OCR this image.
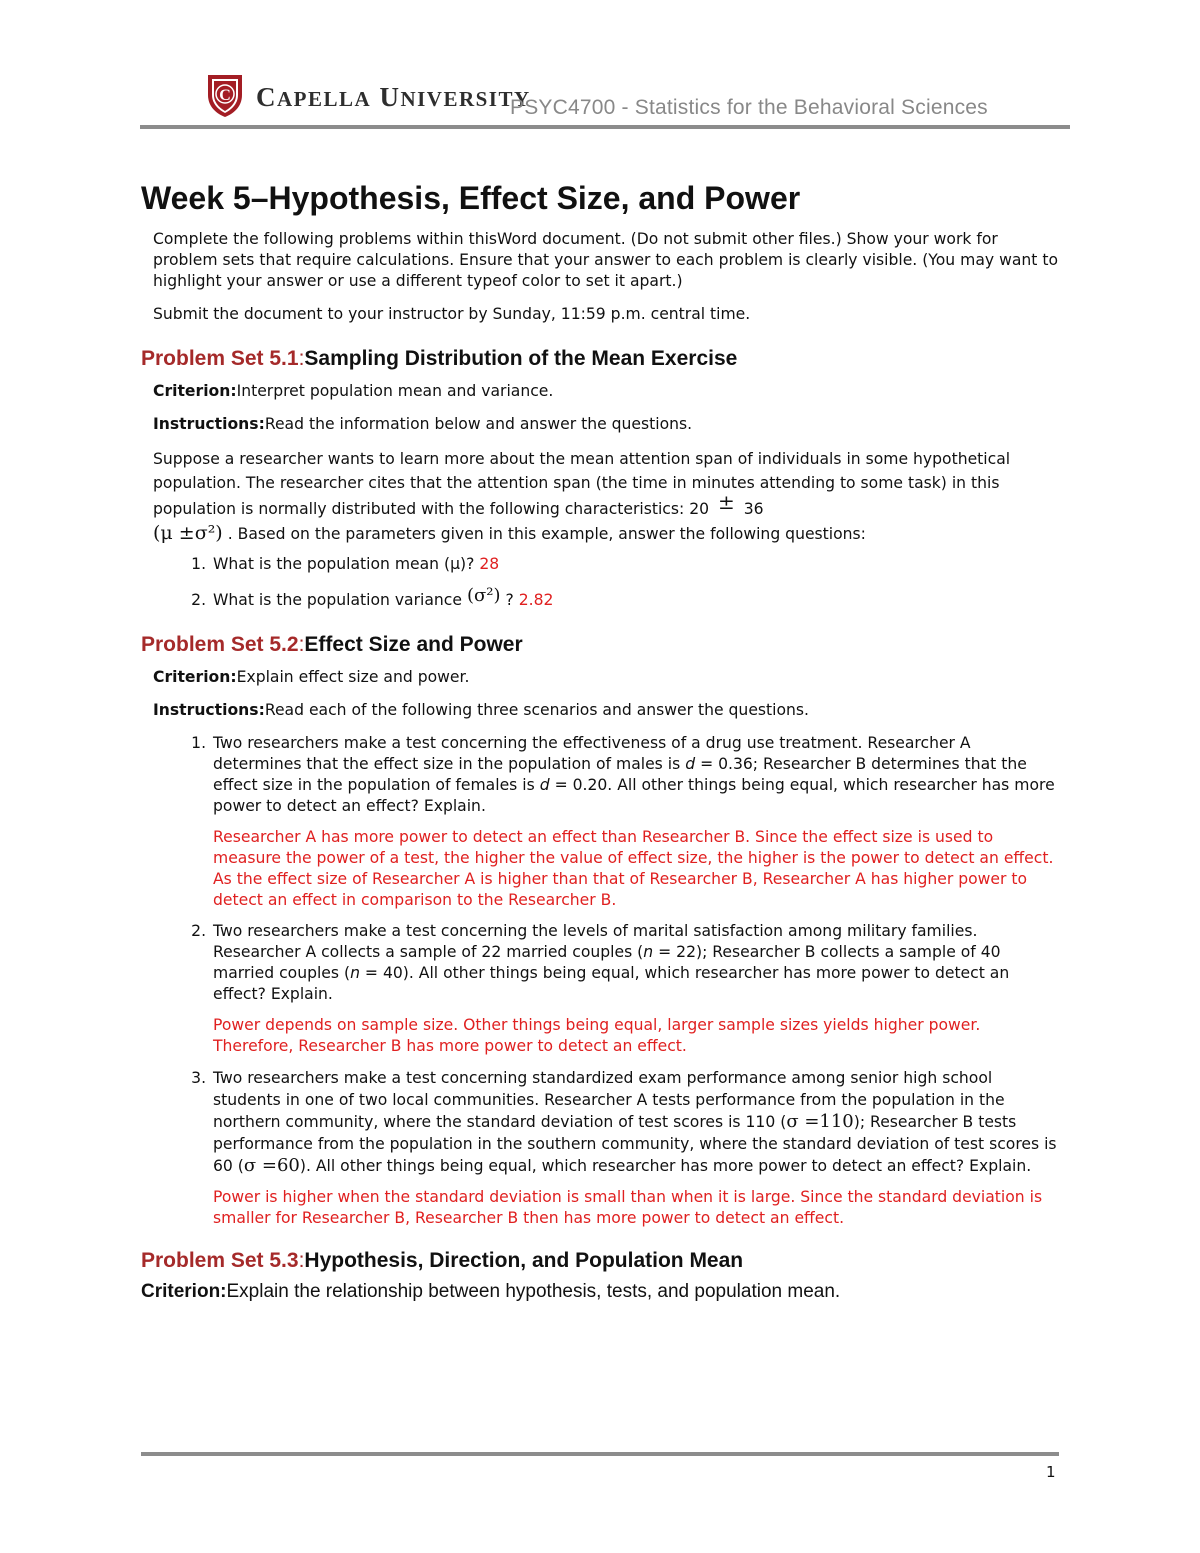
C CAPELLA UNIVERSITY
PSYC4700 - Statistics for the Behavioral Sciences
Week 5–Hypothesis, Effect Size, and Power

Complete the following problems within thisWord document. (Do not submit other files.) Show your work for problem sets that require calculations. Ensure that your answer to each problem is clearly visible. (You may want to highlight your answer or use a different typeof color to set it apart.)

Submit the document to your instructor by Sunday, 11:59 p.m. central time.

Problem Set 5.1:Sampling Distribution of the Mean Exercise

Criterion:Interpret population mean and variance.

Instructions:Read the information below and answer the questions.

Suppose a researcher wants to learn more about the mean attention span of individuals in some hypothetical population. The researcher cites that the attention span (the time in minutes attending to some task) in this population is normally distributed with the following characteristics: 20 ± 36
(μ ±σ²) . Based on the parameters given in this example, answer the following questions:

1. What is the population mean (μ)? 28
2. What is the population variance (σ²) ? 2.82
Problem Set 5.2:Effect Size and Power

Criterion:Explain effect size and power.

Instructions:Read each of the following three scenarios and answer the questions.

1. Two researchers make a test concerning the effectiveness of a drug use treatment. Researcher A determines that the effect size in the population of males is d = 0.36; Researcher B determines that the effect size in the population of females is d = 0.20. All other things being equal, which researcher has more power to detect an effect? Explain.

Researcher A has more power to detect an effect than Researcher B. Since the effect size is used to measure the power of a test, the higher the value of effect size, the higher is the power to detect an effect. As the effect size of Researcher A is higher than that of Researcher B, Researcher A has higher power to detect an effect in comparison to the Researcher B.

2. Two researchers make a test concerning the levels of marital satisfaction among military families. Researcher A collects a sample of 22 married couples (n = 22); Researcher B collects a sample of 40 married couples (n = 40). All other things being equal, which researcher has more power to detect an effect? Explain.

Power depends on sample size. Other things being equal, larger sample sizes yields higher power. Therefore, Researcher B has more power to detect an effect.

3. Two researchers make a test concerning standardized exam performance among senior high school students in one of two local communities. Researcher A tests performance from the population in the northern community, where the standard deviation of test scores is 110 (σ =110); Researcher B tests performance from the population in the southern community, where the standard deviation of test scores is 60 (σ =60). All other things being equal, which researcher has more power to detect an effect? Explain.

Power is higher when the standard deviation is small than when it is large. Since the standard deviation is smaller for Researcher B, Researcher B then has more power to detect an effect.

Problem Set 5.3:Hypothesis, Direction, and Population Mean

Criterion:Explain the relationship between hypothesis, tests, and population mean.

1
